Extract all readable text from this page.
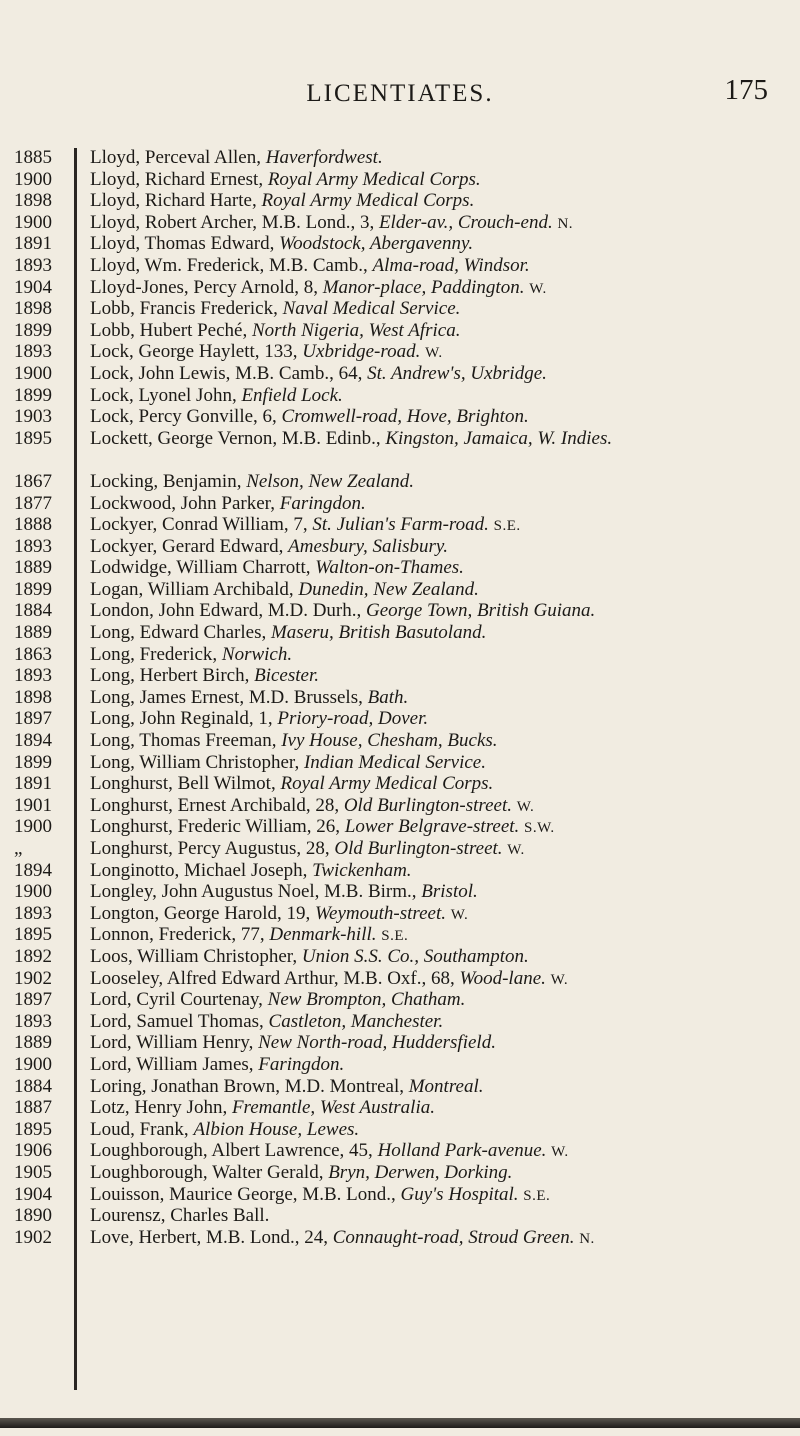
LICENTIATES.	175
1885	Lloyd, Perceval Allen, Haverfordwest.
1900	Lloyd, Richard Ernest, Royal Army Medical Corps.
1898	Lloyd, Richard Harte, Royal Army Medical Corps.
1900	Lloyd, Robert Archer, M.B. Lond., 3, Elder-av., Crouch-end. N.
1891	Lloyd, Thomas Edward, Woodstock, Abergavenny.
1893	Lloyd, Wm. Frederick, M.B. Camb., Alma-road, Windsor.
1904	Lloyd-Jones, Percy Arnold, 8, Manor-place, Paddington. W.
1898	Lobb, Francis Frederick, Naval Medical Service.
1899	Lobb, Hubert Peché, North Nigeria, West Africa.
1893	Lock, George Haylett, 133, Uxbridge-road. W.
1900	Lock, John Lewis, M.B. Camb., 64, St. Andrew's, Uxbridge.
1899	Lock, Lyonel John, Enfield Lock.
1903	Lock, Percy Gonville, 6, Cromwell-road, Hove, Brighton.
1895	Lockett, George Vernon, M.B. Edinb., Kingston, Jamaica, W. Indies.
1867	Locking, Benjamin, Nelson, New Zealand.
1877	Lockwood, John Parker, Faringdon.
1888	Lockyer, Conrad William, 7, St. Julian's Farm-road. S.E.
1893	Lockyer, Gerard Edward, Amesbury, Salisbury.
1889	Lodwidge, William Charrott, Walton-on-Thames.
1899	Logan, William Archibald, Dunedin, New Zealand.
1884	London, John Edward, M.D. Durh., George Town, British Guiana.
1889	Long, Edward Charles, Maseru, British Basutoland.
1863	Long, Frederick, Norwich.
1893	Long, Herbert Birch, Bicester.
1898	Long, James Ernest, M.D. Brussels, Bath.
1897	Long, John Reginald, 1, Priory-road, Dover.
1894	Long, Thomas Freeman, Ivy House, Chesham, Bucks.
1899	Long, William Christopher, Indian Medical Service.
1891	Longhurst, Bell Wilmot, Royal Army Medical Corps.
1901	Longhurst, Ernest Archibald, 28, Old Burlington-street. W.
1900	Longhurst, Frederic William, 26, Lower Belgrave-street. S.W.
„	Longhurst, Percy Augustus, 28, Old Burlington-street. W.
1894	Longinotto, Michael Joseph, Twickenham.
1900	Longley, John Augustus Noel, M.B. Birm., Bristol.
1893	Longton, George Harold, 19, Weymouth-street. W.
1895	Lonnon, Frederick, 77, Denmark-hill. S.E.
1892	Loos, William Christopher, Union S.S. Co., Southampton.
1902	Looseley, Alfred Edward Arthur, M.B. Oxf., 68, Wood-lane. W.
1897	Lord, Cyril Courtenay, New Brompton, Chatham.
1893	Lord, Samuel Thomas, Castleton, Manchester.
1889	Lord, William Henry, New North-road, Huddersfield.
1900	Lord, William James, Faringdon.
1884	Loring, Jonathan Brown, M.D. Montreal, Montreal.
1887	Lotz, Henry John, Fremantle, West Australia.
1895	Loud, Frank, Albion House, Lewes.
1906	Loughborough, Albert Lawrence, 45, Holland Park-avenue. W.
1905	Loughborough, Walter Gerald, Bryn, Derwen, Dorking.
1904	Louisson, Maurice George, M.B. Lond., Guy's Hospital. S.E.
1890	Lourensz, Charles Ball.
1902	Love, Herbert, M.B. Lond., 24, Connaught-road, Stroud Green. N.
